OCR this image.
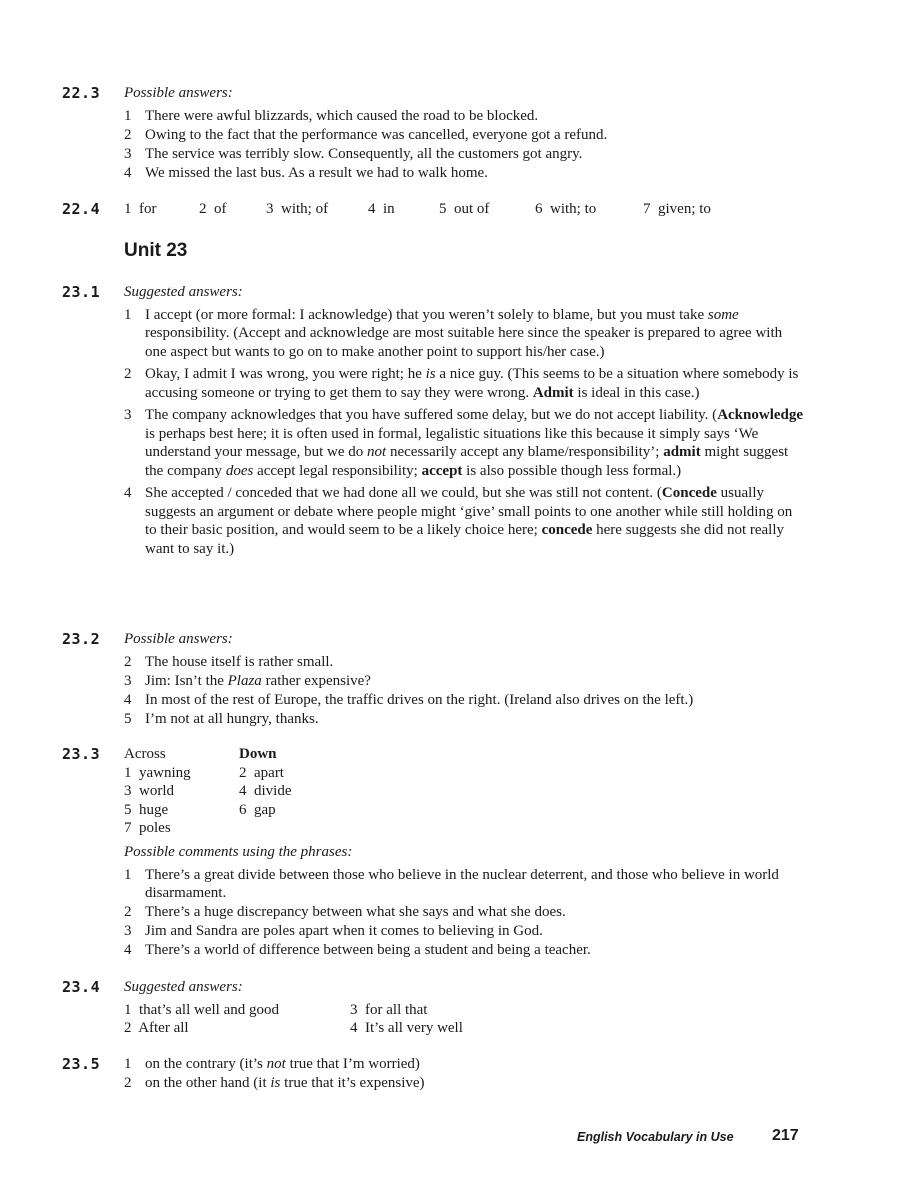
22.3	Possible answers:
1 There were awful blizzards, which caused the road to be blocked.
2 Owing to the fact that the performance was cancelled, everyone got a refund.
3 The service was terribly slow. Consequently, all the customers got angry.
4 We missed the last bus. As a result we had to walk home.
22.4	1 for	2 of	3 with; of	4 in	5 out of	6 with; to	7 given; to
Unit 23
23.1	Suggested answers:
1 I accept (or more formal: I acknowledge) that you weren’t solely to blame, but you must take some responsibility. (Accept and acknowledge are most suitable here since the speaker is prepared to agree with one aspect but wants to go on to make another point to support his/her case.)
2 Okay, I admit I was wrong, you were right; he is a nice guy. (This seems to be a situation where somebody is accusing someone or trying to get them to say they were wrong. Admit is ideal in this case.)
3 The company acknowledges that you have suffered some delay, but we do not accept liability. (Acknowledge is perhaps best here; it is often used in formal, legalistic situations like this because it simply says ‘We understand your message, but we do not necessarily accept any blame/responsibility’; admit might suggest the company does accept legal responsibility; accept is also possible though less formal.)
4 She accepted / conceded that we had done all we could, but she was still not content. (Concede usually suggests an argument or debate where people might ‘give’ small points to one another while still holding on to their basic position, and would seem to be a likely choice here; concede here suggests she did not really want to say it.)
23.2	Possible answers:
2 The house itself is rather small.
3 Jim: Isn’t the Plaza rather expensive?
4 In most of the rest of Europe, the traffic drives on the right. (Ireland also drives on the left.)
5 I’m not at all hungry, thanks.
23.3	Across
1 yawning
3 world
5 huge
7 poles
Down
2 apart
4 divide
6 gap
Possible comments using the phrases:
1 There’s a great divide between those who believe in the nuclear deterrent, and those who believe in world disarmament.
2 There’s a huge discrepancy between what she says and what she does.
3 Jim and Sandra are poles apart when it comes to believing in God.
4 There’s a world of difference between being a student and being a teacher.
23.4	Suggested answers:
1 that’s all well and good
2 After all
3 for all that
4 It’s all very well
23.5	1 on the contrary (it’s not true that I’m worried)
2 on the other hand (it is true that it’s expensive)
English Vocabulary in Use 217
